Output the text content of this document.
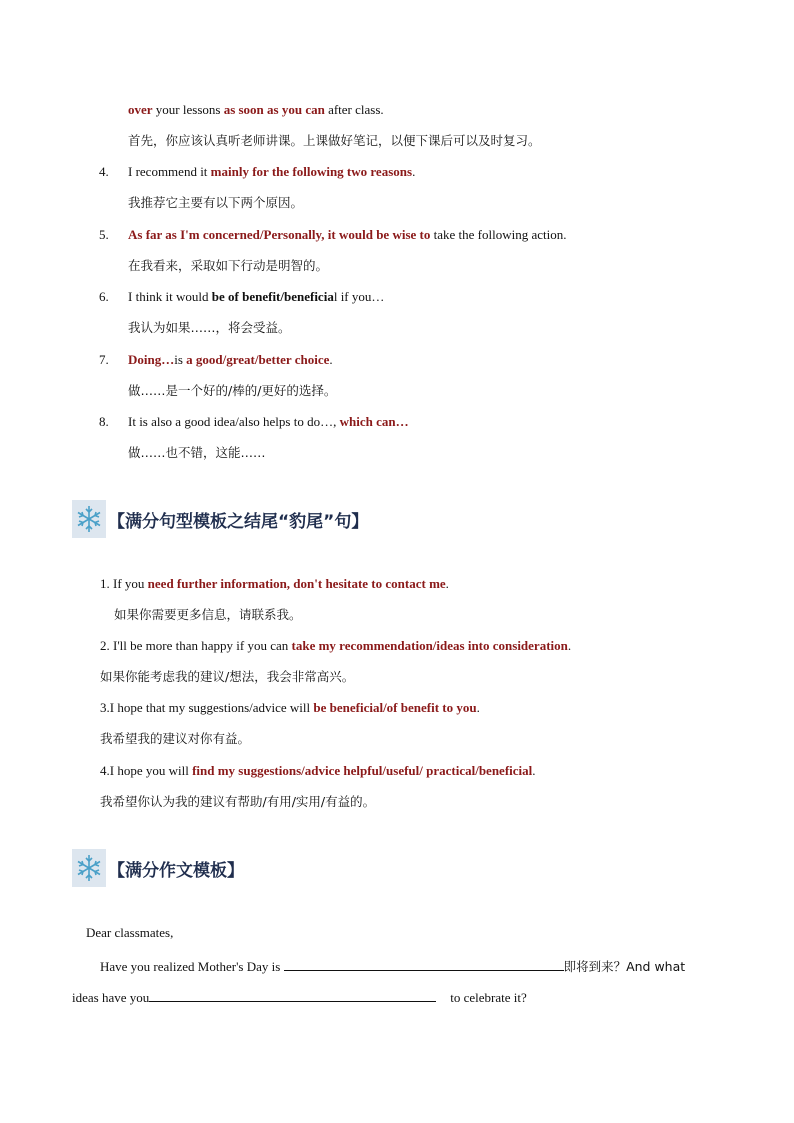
over your lessons as soon as you can after class.
首先，你应该认真听老师讲课。上课做好笔记，以便下课后可以及时复习。
4. I recommend it mainly for the following two reasons.
我推荐它主要有以下两个原因。
5. As far as I'm concerned/Personally, it would be wise to take the following action.
在我看来，采取如下行动是明智的。
6. I think it would be of benefit/beneficial if you…
我认为如果……，将会受益。
7. Doing…is a good/great/better choice.
做……是一个好的/棒的/更好的选择。
8. It is also a good idea/also helps to do…, which can…
做……也不错，这能……
【满分句型模板之结尾“豹尾”句】
1. If you need further information, don't hesitate to contact me.
如果你需要更多信息，请联系我。
2. I'll be more than happy if you can take my recommendation/ideas into consideration.
如果你能考虑我的建议/想法，我会非常高兴。
3.I hope that my suggestions/advice will be beneficial/of benefit to you.
我希望我的建议对你有益。
4.I hope you will find my suggestions/advice helpful/useful/ practical/beneficial.
我希望你认为我的建议有帮助/有用/实用/有益的。
【满分作文模板】
Dear classmates,
Have you realized Mother's Day is	即将到来？And what
ideas have you	to celebrate it?
